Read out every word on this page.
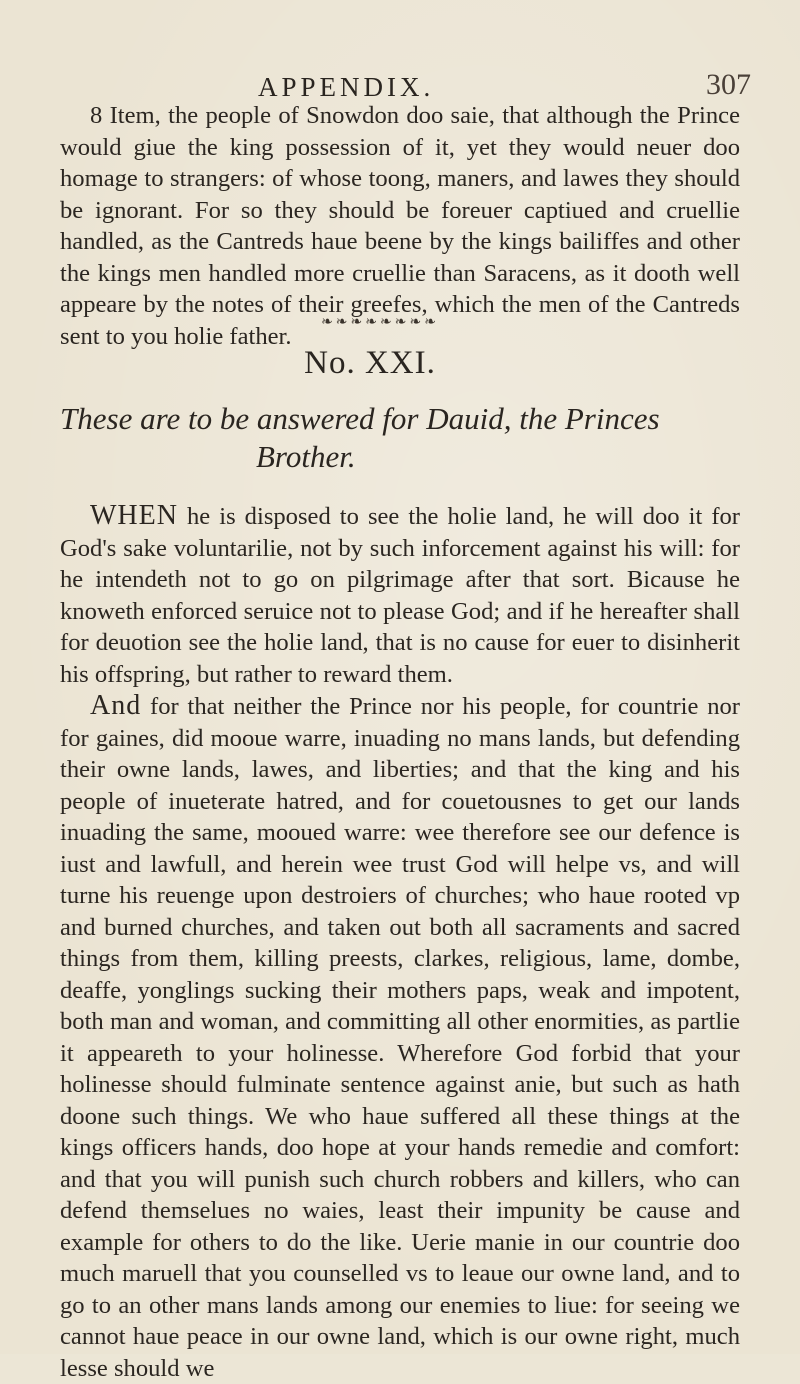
APPENDIX.	307

8 Item, the people of Snowdon doo saie, that although the Prince would giue the king possession of it, yet they would neuer doo homage to strangers: of whose toong, maners, and lawes they should be ignorant. For so they should be foreuer captiued and cruellie handled, as the Cantreds haue beene by the kings bailiffes and other the kings men handled more cruellie than Saracens, as it dooth well appeare by the notes of their greefes, which the men of the Cantreds sent to you holie father.

❧❧❧❧❧❧❧❧
No. XXI.
These are to be answered for Dauid, the Princes
Brother.

WHEN he is disposed to see the holie land, he will doo it for God's sake voluntarilie, not by such inforcement against his will: for he intendeth not to go on pilgrimage after that sort. Bicause he knoweth enforced seruice not to please God; and if he hereafter shall for deuotion see the holie land, that is no cause for euer to disinherit his offspring, but rather to reward them.

And for that neither the Prince nor his people, for countrie nor for gaines, did mooue warre, inuading no mans lands, but defending their owne lands, lawes, and liberties; and that the king and his people of inueterate hatred, and for couetousnes to get our lands inuading the same, mooued warre: wee therefore see our defence is iust and lawfull, and herein wee trust God will helpe vs, and will turne his reuenge upon destroiers of churches; who haue rooted vp and burned churches, and taken out both all sacraments and sacred things from them, killing preests, clarkes, religious, lame, dombe, deaffe, yonglings sucking their mothers paps, weak and impotent, both man and woman, and committing all other enormities, as partlie it appeareth to your holinesse. Wherefore God forbid that your holinesse should fulminate sentence against anie, but such as hath doone such things. We who haue suffered all these things at the kings officers hands, doo hope at your hands remedie and comfort: and that you will punish such church robbers and killers, who can defend themselues no waies, least their impunity be cause and example for others to do the like. Uerie manie in our countrie doo much maruell that you counselled vs to leaue our owne land, and to go to an other mans lands among our enemies to liue: for seeing we cannot haue peace in our owne land, which is our owne right, much lesse should we
